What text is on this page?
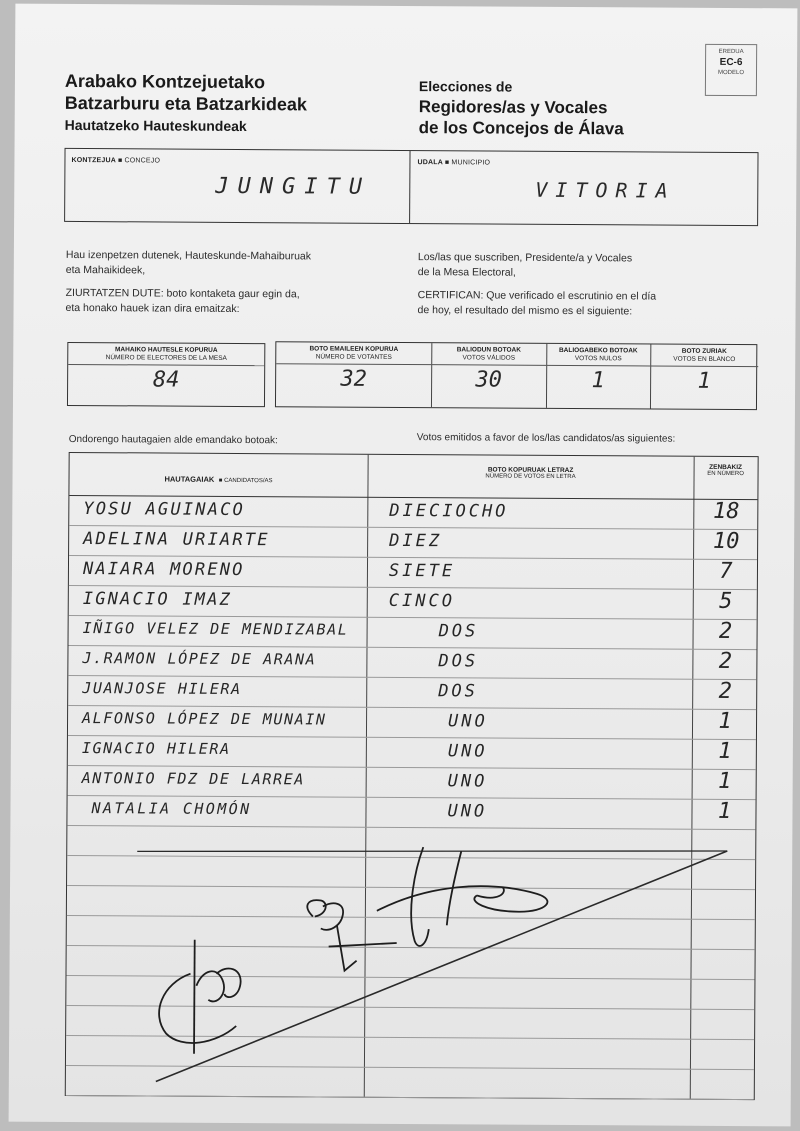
Arabako Kontzejuetako
Batzarburu eta Batzarkideak
Hautatzeko Hauteskundeak
Elecciones de
Regidores/as y Vocales
de los Concejos de Álava
EREDUA
EC-6
MODELO
KONTZEJUA ■ CONCEJO
JUNGITU
UDALA ■ MUNICIPIO
VITORIA
Hau izenpetzen dutenek, Hauteskunde-Mahaiburuak
eta Mahaikideek,
ZIURTATZEN DUTE: boto kontaketa gaur egin da,
eta honako hauek izan dira emaitzak:
Los/las que suscriben, Presidente/a y Vocales
de la Mesa Electoral,
CERTIFICAN: Que verificado el escrutinio en el día
de hoy, el resultado del mismo es el siguiente:
MAHAIKO HAUTESLE KOPURUA
NÚMERO DE ELECTORES DE LA MESA
84
BOTO EMAILEEN KOPURUA
NÚMERO DE VOTANTES
32
BALIODUN BOTOAK
VOTOS VÁLIDOS
30
BALIOGABEKO BOTOAK
VOTOS NULOS
1
BOTO ZURIAK
VOTOS EN BLANCO
1
Ondorengo hautagaien alde emandako botoak:	Votos emitidos a favor de los/las candidatos/as siguientes:
HAUTAGAIAK ■ CANDIDATOS/AS
BOTO KOPURUAK LETRAZ
NÚMERO DE VOTOS EN LETRA
ZENBAKIZ
EN NÚMERO
YOSU AGUINACO	DIECIOCHO	18
ADELINA URIARTE	DIEZ	10
NAIARA MORENO	SIETE	7
IGNACIO IMAZ	CINCO	5
IÑIGO VELEZ DE MENDIZABAL	DOS	2
J.RAMON LÓPEZ DE ARANA	DOS	2
JUANJOSE HILERA	DOS	2
ALFONSO LÓPEZ DE MUNAIN	UNO	1
IGNACIO HILERA	UNO	1
ANTONIO FDZ DE LARREA	UNO	1
NATALIA CHOMÓN	UNO	1
